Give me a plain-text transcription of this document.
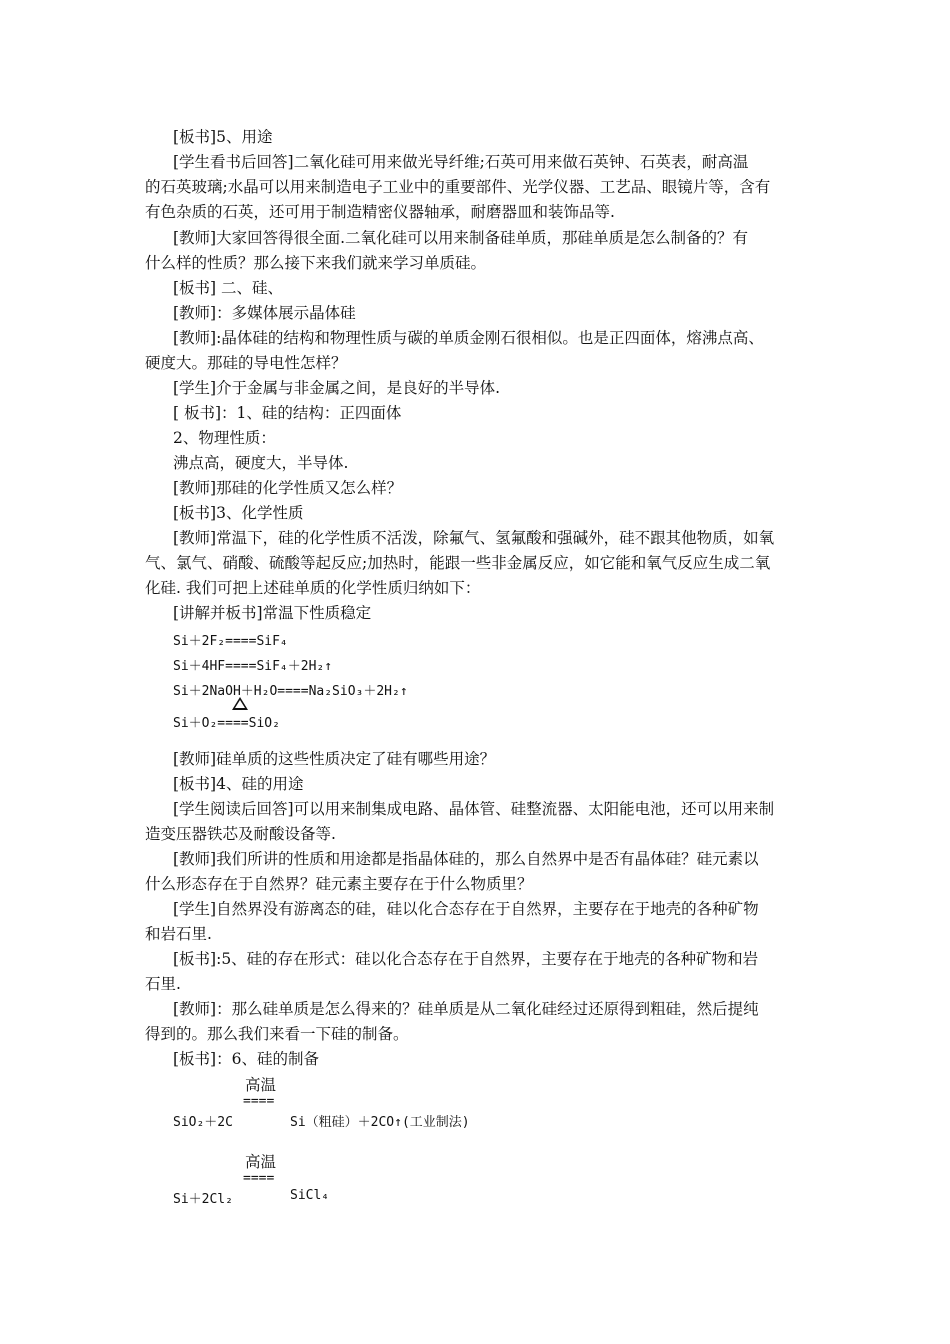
[板书]5、用途
[学生看书后回答]二氧化硅可用来做光导纤维;石英可用来做石英钟、石英表，耐高温
的石英玻璃;水晶可以用来制造电子工业中的重要部件、光学仪器、工艺品、眼镜片等，含有
有色杂质的石英，还可用于制造精密仪器轴承，耐磨器皿和装饰品等.
[教师]大家回答得很全面.二氧化硅可以用来制备硅单质，那硅单质是怎么制备的？有
什么样的性质？那么接下来我们就来学习单质硅。
[板书] 二、硅、
[教师]：多媒体展示晶体硅
[教师]:晶体硅的结构和物理性质与碳的单质金刚石很相似。也是正四面体，熔沸点高、
硬度大。那硅的导电性怎样？
[学生]介于金属与非金属之间，是良好的半导体.
[ 板书]：1、硅的结构：正四面体
2、物理性质：
沸点高，硬度大，半导体.
[教师]那硅的化学性质又怎么样？
[板书]3、化学性质
[教师]常温下，硅的化学性质不活泼，除氟气、氢氟酸和强碱外，硅不跟其他物质，如氧
气、氯气、硝酸、硫酸等起反应;加热时，能跟一些非金属反应，如它能和氧气反应生成二氧
化硅. 我们可把上述硅单质的化学性质归纳如下：
[讲解并板书]常温下性质稳定
Si＋2F₂====SiF₄
Si＋4HF====SiF₄＋2H₂↑
Si＋2NaOH＋H₂O====Na₂SiO₃＋2H₂↑
Si＋O₂====SiO₂
[教师]硅单质的这些性质决定了硅有哪些用途？
[板书]4、硅的用途
[学生阅读后回答]可以用来制集成电路、晶体管、硅整流器、太阳能电池，还可以用来制
造变压器铁芯及耐酸设备等.
[教师]我们所讲的性质和用途都是指晶体硅的，那么自然界中是否有晶体硅？硅元素以
什么形态存在于自然界？硅元素主要存在于什么物质里？
[学生]自然界没有游离态的硅，硅以化合态存在于自然界，主要存在于地壳的各种矿物
和岩石里.
[板书]:5、硅的存在形式：硅以化合态存在于自然界，主要存在于地壳的各种矿物和岩
石里.
[教师]：那么硅单质是怎么得来的？硅单质是从二氧化硅经过还原得到粗硅，然后提纯
得到的。那么我们来看一下硅的制备。
[板书]：6、硅的制备
高温
====
SiO₂＋2C	Si（粗硅）＋2CO↑(工业制法)
高温
====
Si＋2Cl₂	SiCl₄
